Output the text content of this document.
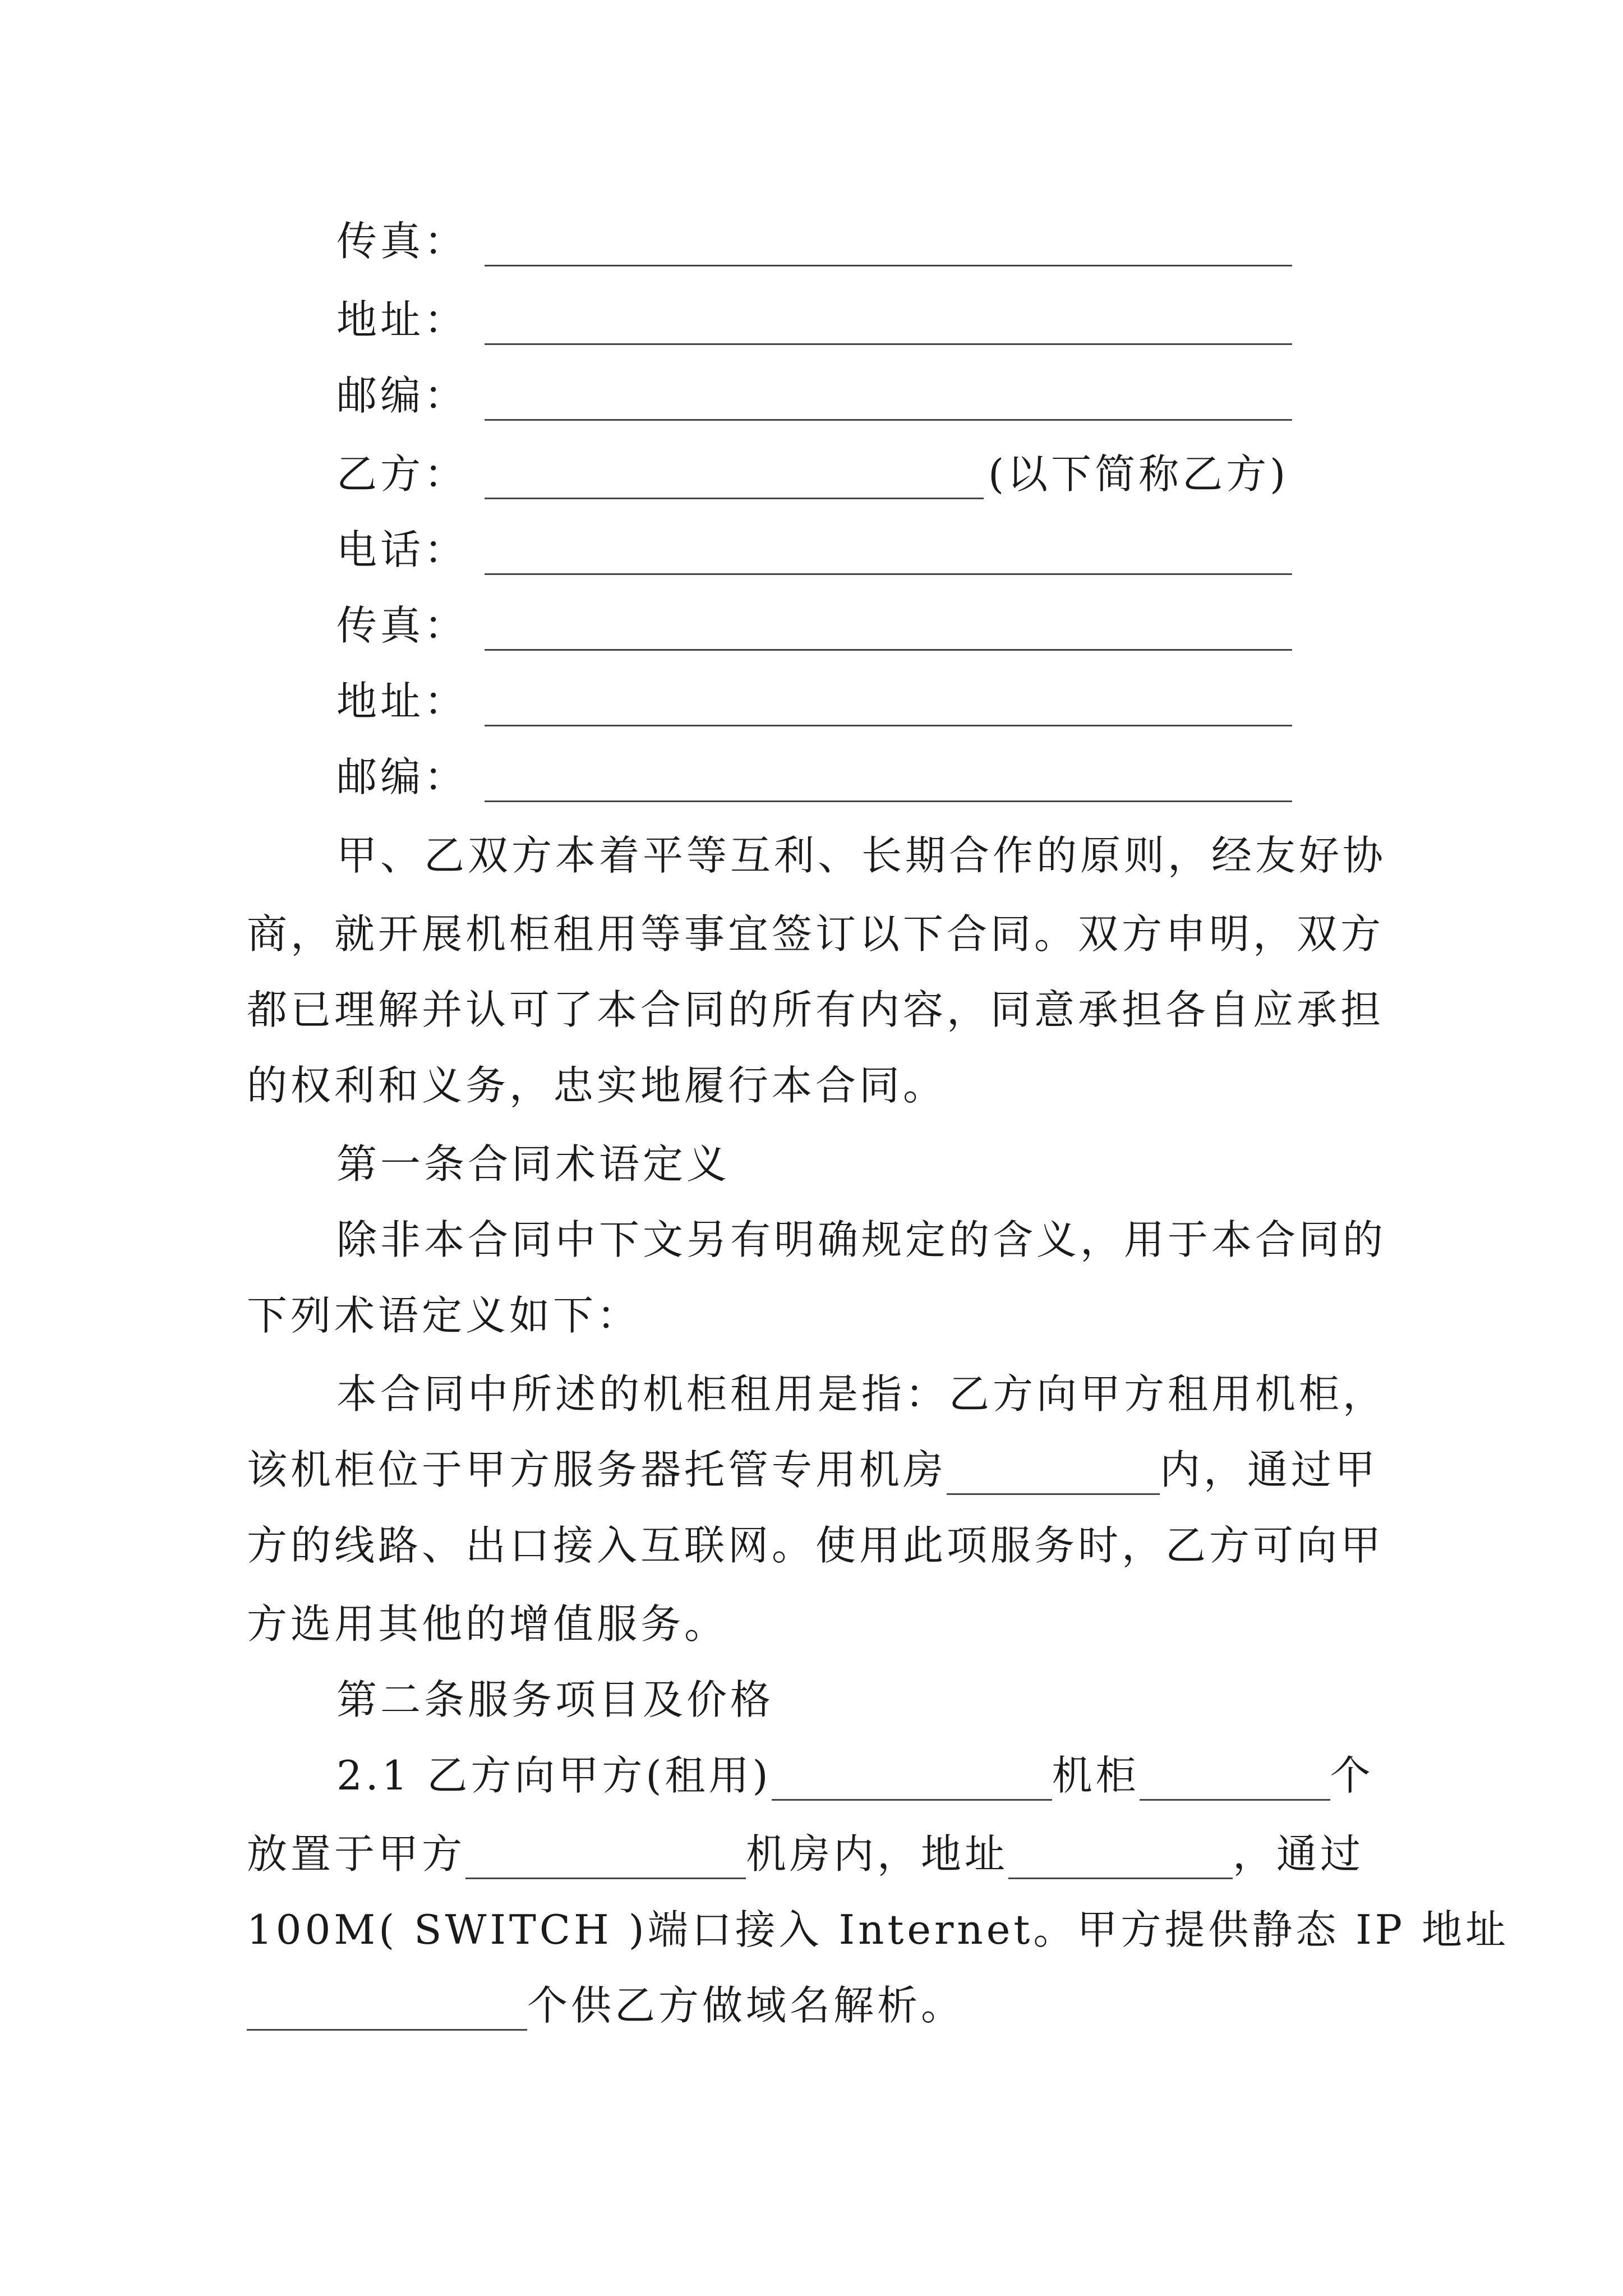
传真：
地址：
邮编：
乙方：	(以下简称乙方)
电话：
传真：
地址：
邮编：
甲、乙双方本着平等互利、长期合作的原则，经友好协
商，就开展机柜租用等事宜签订以下合同。双方申明，双方
都已理解并认可了本合同的所有内容，同意承担各自应承担
的权利和义务，忠实地履行本合同。
第一条合同术语定义
除非本合同中下文另有明确规定的含义，用于本合同的
下列术语定义如下：
本合同中所述的机柜租用是指：乙方向甲方租用机柜，
该机柜位于甲方服务器托管专用机房	内，通过甲
方的线路、出口接入互联网。使用此项服务时，乙方可向甲
方选用其他的增值服务。
第二条服务项目及价格
2.1 乙方向甲方(租用)	机柜	个
放置于甲方	机房内，地址	，通过
100M( SWITCH )端口接入 Internet。甲方提供静态 IP 地址
个供乙方做域名解析。
